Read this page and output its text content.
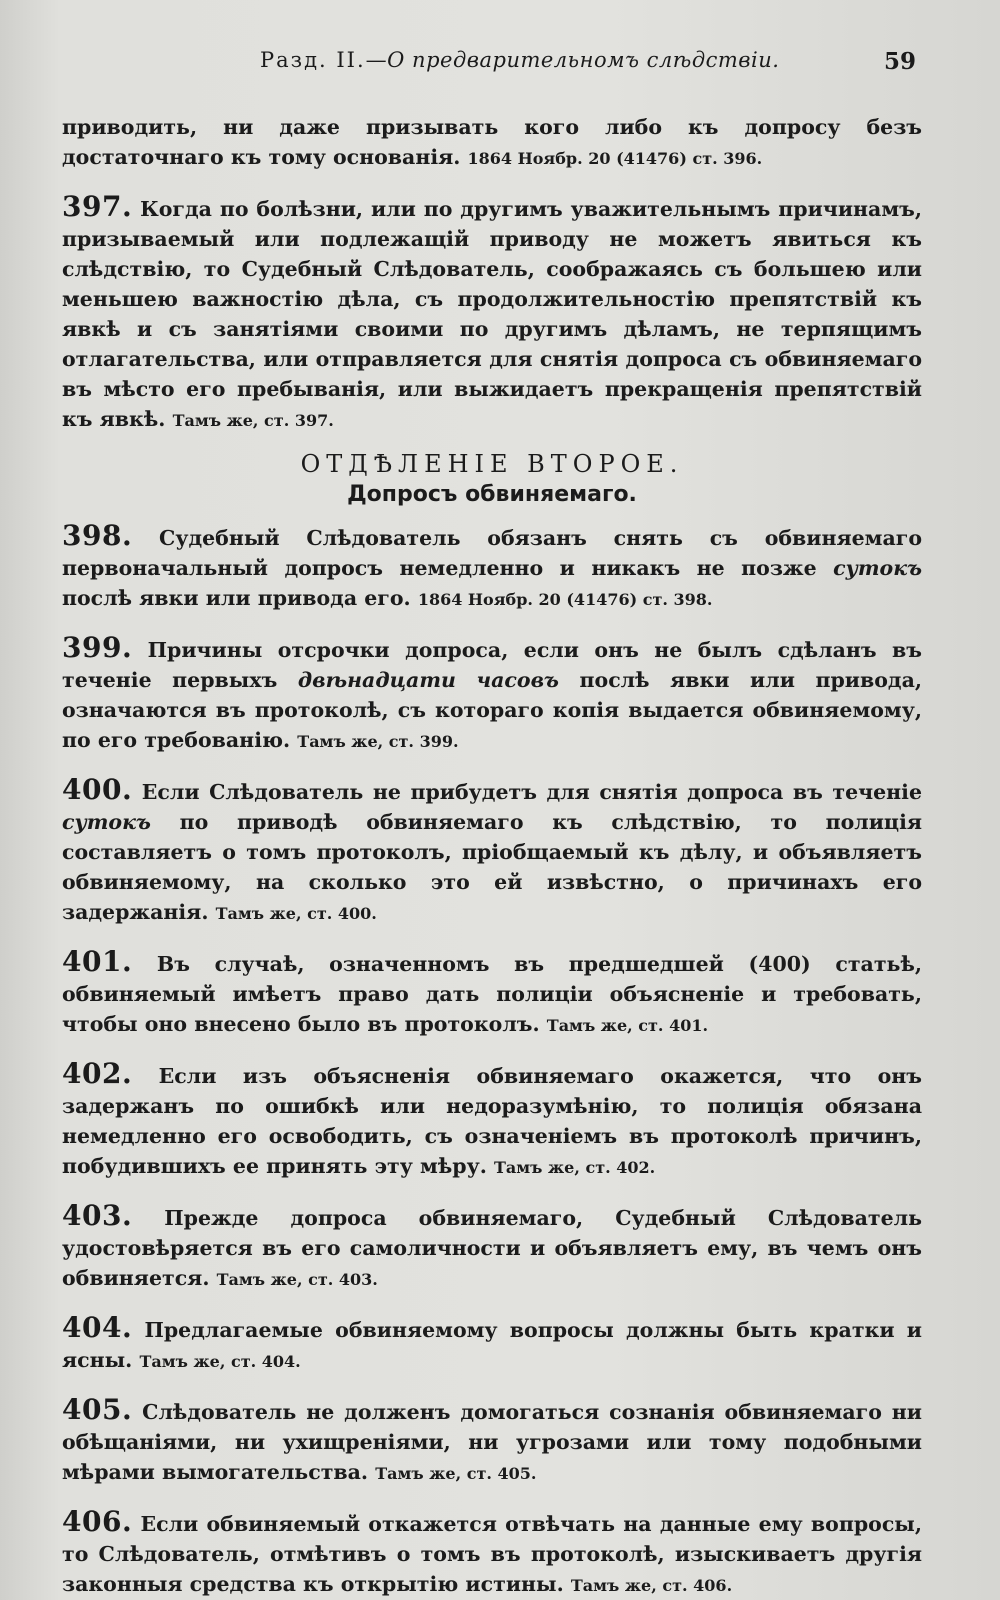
Разд. II.—О предварительномъ слѣдствіи.	59

приводить, ни даже призывать кого либо къ допросу безъ достаточнаго къ тому основанія. 1864 Ноябр. 20 (41476) ст. 396.

397. Когда по болѣзни, или по другимъ уважительнымъ причинамъ, призываемый или подлежащій приводу не можетъ явиться къ слѣдствію, то Судебный Слѣдователь, соображаясь съ большею или меньшею важностію дѣла, съ продолжительностію препятствій къ явкѣ и съ занятіями своими по другимъ дѣламъ, не терпящимъ отлагательства, или отправляется для снятія допроса съ обвиняемаго въ мѣсто его пребыванія, или выжидаетъ прекращенія препятствій къ явкѣ. Тамъ же, ст. 397.

ОТДѢЛЕНІЕ ВТОРОЕ.
Допросъ обвиняемаго.

398. Судебный Слѣдователь обязанъ снять съ обвиняемаго первоначальный допросъ немедленно и никакъ не позже сутокъ послѣ явки или привода его. 1864 Ноябр. 20 (41476) ст. 398.

399. Причины отсрочки допроса, если онъ не былъ сдѣланъ въ теченіе первыхъ двѣнадцати часовъ послѣ явки или привода, означаются въ протоколѣ, съ котораго копія выдается обвиняемому, по его требованію. Тамъ же, ст. 399.

400. Если Слѣдователь не прибудетъ для снятія допроса въ теченіе сутокъ по приводѣ обвиняемаго къ слѣдствію, то полиція составляетъ о томъ протоколъ, пріобщаемый къ дѣлу, и объявляетъ обвиняемому, на сколько это ей извѣстно, о причинахъ его задержанія. Тамъ же, ст. 400.

401. Въ случаѣ, означенномъ въ предшедшей (400) статьѣ, обвиняемый имѣетъ право дать полиціи объясненіе и требовать, чтобы оно внесено было въ протоколъ. Тамъ же, ст. 401.

402. Если изъ объясненія обвиняемаго окажется, что онъ задержанъ по ошибкѣ или недоразумѣнію, то полиція обязана немедленно его освободить, съ означеніемъ въ протоколѣ причинъ, побудившихъ ее принять эту мѣру. Тамъ же, ст. 402.

403. Прежде допроса обвиняемаго, Судебный Слѣдователь удостовѣряется въ его самоличности и объявляетъ ему, въ чемъ онъ обвиняется. Тамъ же, ст. 403.

404. Предлагаемые обвиняемому вопросы должны быть кратки и ясны. Тамъ же, ст. 404.

405. Слѣдователь не долженъ домогаться сознанія обвиняемаго ни обѣщаніями, ни ухищреніями, ни угрозами или тому подобными мѣрами вымогательства. Тамъ же, ст. 405.

406. Если обвиняемый откажется отвѣчать на данные ему вопросы, то Слѣдователь, отмѣтивъ о томъ въ протоколѣ, изыскиваетъ другія законныя средства къ открытію истины. Тамъ же, ст. 406.
